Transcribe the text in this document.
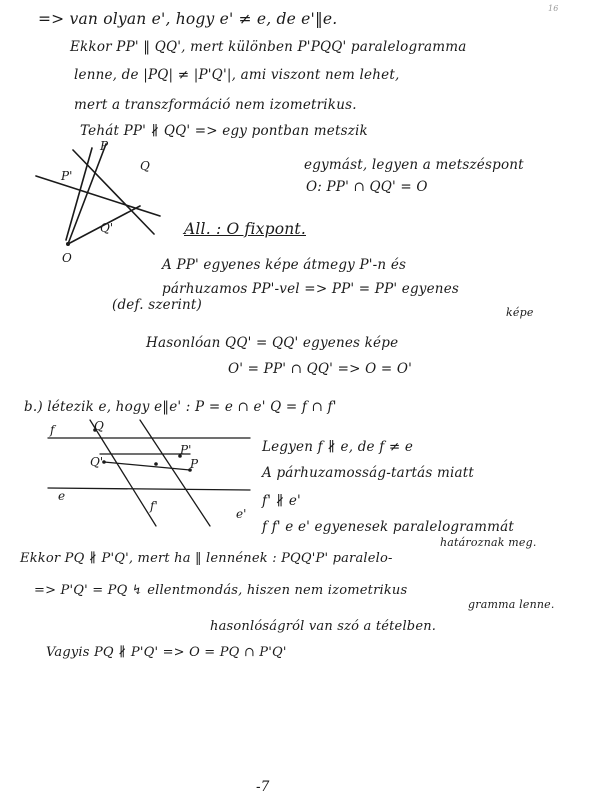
16
=> van olyan e', hogy e' ≠ e, de e'‖e.
Ekkor PP' ‖ QQ', mert különben P'PQQ' paralelogramma
lenne, de |PQ| ≠ |P'Q'|, ami viszont nem lehet,
mert a transzformáció nem izometrikus.
Tehát PP' ∦ QQ' => egy pontban metszik
egymást, legyen a metszéspont
O: PP' ∩ QQ' = O
P
Q
P'
Q'
O
All. : O fixpont.
A PP' egyenes képe átmegy P'-n és
párhuzamos PP'-vel => PP' = PP' egyenes
(def. szerint)	képe
Hasonlóan QQ' = QQ' egyenes képe
O' = PP' ∩ QQ' => O = O'
b.) létezik e, hogy e‖e' : P = e ∩ e' Q = f ∩ f'
f	Q
Q'
P'
P
e
f'
e'
Legyen f ∦ e, de f ≠ e
A párhuzamosság-tartás miatt
f' ∦ e'
f f' e e' egyenesek paralelogrammát
határoznak meg.
Ekkor PQ ∦ P'Q', mert ha ‖ lennének : PQQ'P' paralelo-
=> P'Q' = PQ ↯ ellentmondás, hiszen nem izometrikus
gramma lenne.
hasonlóságról van szó a tételben.
Vagyis PQ ∦ P'Q' => O = PQ ∩ P'Q'
-7
